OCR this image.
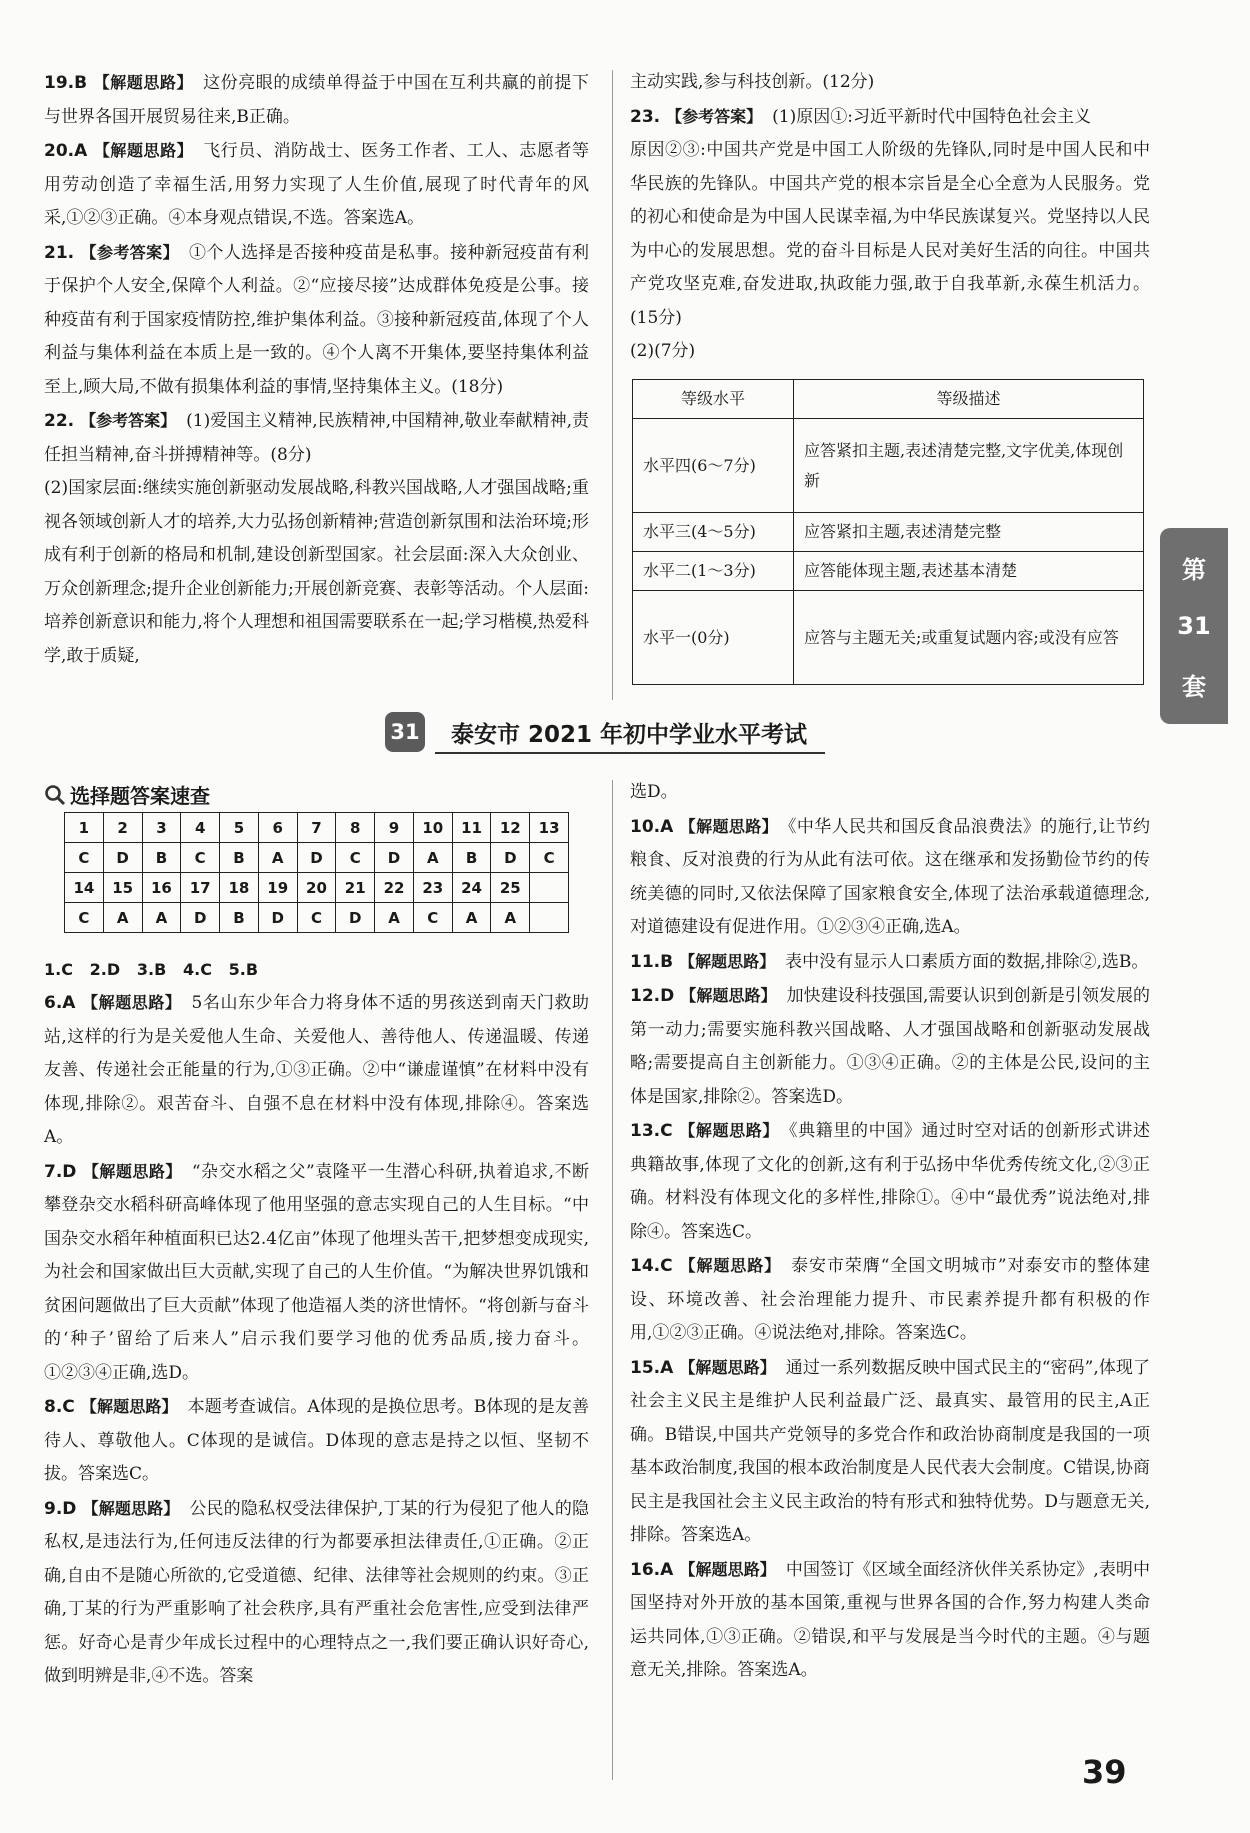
19.B 【解题思路】 这份亮眼的成绩单得益于中国在互利共赢的前提下与世界各国开展贸易往来,B正确。

20.A 【解题思路】 飞行员、消防战士、医务工作者、工人、志愿者等用劳动创造了幸福生活,用努力实现了人生价值,展现了时代青年的风采,①②③正确。④本身观点错误,不选。答案选A。

21. 【参考答案】 ①个人选择是否接种疫苗是私事。接种新冠疫苗有利于保护个人安全,保障个人利益。②“应接尽接”达成群体免疫是公事。接种疫苗有利于国家疫情防控,维护集体利益。③接种新冠疫苗,体现了个人利益与集体利益在本质上是一致的。④个人离不开集体,要坚持集体利益至上,顾大局,不做有损集体利益的事情,坚持集体主义。(18分)

22. 【参考答案】 (1)爱国主义精神,民族精神,中国精神,敬业奉献精神,责任担当精神,奋斗拼搏精神等。(8分)

(2)国家层面:继续实施创新驱动发展战略,科教兴国战略,人才强国战略;重视各领域创新人才的培养,大力弘扬创新精神;营造创新氛围和法治环境;形成有利于创新的格局和机制,建设创新型国家。社会层面:深入大众创业、万众创新理念;提升企业创新能力;开展创新竞赛、表彰等活动。个人层面:培养创新意识和能力,将个人理想和祖国需要联系在一起;学习楷模,热爱科学,敢于质疑,

主动实践,参与科技创新。(12分)

23. 【参考答案】 (1)原因①:习近平新时代中国特色社会主义

原因②③:中国共产党是中国工人阶级的先锋队,同时是中国人民和中华民族的先锋队。中国共产党的根本宗旨是全心全意为人民服务。党的初心和使命是为中国人民谋幸福,为中华民族谋复兴。党坚持以人民为中心的发展思想。党的奋斗目标是人民对美好生活的向往。中国共产党攻坚克难,奋发进取,执政能力强,敢于自我革新,永葆生机活力。(15分)

(2)(7分)

等级水平	等级描述
水平四(6～7分)	应答紧扣主题,表述清楚完整,文字优美,体现创新
水平三(4～5分)	应答紧扣主题,表述清楚完整
水平二(1～3分)	应答能体现主题,表述基本清楚
水平一(0分)	应答与主题无关;或重复试题内容;或没有应答
第
31
套
31 泰安市 2021 年初中学业水平考试
选择题答案速查
1	2	3	4	5	6	7	8	9	10	11	12	13
C	D	B	C	B	A	D	C	D	A	B	D	C
14	15	16	17	18	19	20	21	22	23	24	25	
C	A	A	D	B	D	C	D	A	C	A	A	
1.C   2.D   3.B   4.C   5.B

6.A 【解题思路】 5名山东少年合力将身体不适的男孩送到南天门救助站,这样的行为是关爱他人生命、关爱他人、善待他人、传递温暖、传递友善、传递社会正能量的行为,①③正确。②中“谦虚谨慎”在材料中没有体现,排除②。艰苦奋斗、自强不息在材料中没有体现,排除④。答案选A。

7.D 【解题思路】 “杂交水稻之父”袁隆平一生潜心科研,执着追求,不断攀登杂交水稻科研高峰体现了他用坚强的意志实现自己的人生目标。“中国杂交水稻年种植面积已达2.4亿亩”体现了他埋头苦干,把梦想变成现实,为社会和国家做出巨大贡献,实现了自己的人生价值。“为解决世界饥饿和贫困问题做出了巨大贡献”体现了他造福人类的济世情怀。“将创新与奋斗的‘种子’留给了后来人”启示我们要学习他的优秀品质,接力奋斗。①②③④正确,选D。

8.C 【解题思路】 本题考查诚信。A体现的是换位思考。B体现的是友善待人、尊敬他人。C体现的是诚信。D体现的意志是持之以恒、坚韧不拔。答案选C。

9.D 【解题思路】 公民的隐私权受法律保护,丁某的行为侵犯了他人的隐私权,是违法行为,任何违反法律的行为都要承担法律责任,①正确。②正确,自由不是随心所欲的,它受道德、纪律、法律等社会规则的约束。③正确,丁某的行为严重影响了社会秩序,具有严重社会危害性,应受到法律严惩。好奇心是青少年成长过程中的心理特点之一,我们要正确认识好奇心,做到明辨是非,④不选。答案

选D。

10.A 【解题思路】 《中华人民共和国反食品浪费法》的施行,让节约粮食、反对浪费的行为从此有法可依。这在继承和发扬勤俭节约的传统美德的同时,又依法保障了国家粮食安全,体现了法治承载道德理念,对道德建设有促进作用。①②③④正确,选A。

11.B 【解题思路】 表中没有显示人口素质方面的数据,排除②,选B。

12.D 【解题思路】 加快建设科技强国,需要认识到创新是引领发展的第一动力;需要实施科教兴国战略、人才强国战略和创新驱动发展战略;需要提高自主创新能力。①③④正确。②的主体是公民,设问的主体是国家,排除②。答案选D。

13.C 【解题思路】 《典籍里的中国》通过时空对话的创新形式讲述典籍故事,体现了文化的创新,这有利于弘扬中华优秀传统文化,②③正确。材料没有体现文化的多样性,排除①。④中“最优秀”说法绝对,排除④。答案选C。

14.C 【解题思路】 泰安市荣膺“全国文明城市”对泰安市的整体建设、环境改善、社会治理能力提升、市民素养提升都有积极的作用,①②③正确。④说法绝对,排除。答案选C。

15.A 【解题思路】 通过一系列数据反映中国式民主的“密码”,体现了社会主义民主是维护人民利益最广泛、最真实、最管用的民主,A正确。B错误,中国共产党领导的多党合作和政治协商制度是我国的一项基本政治制度,我国的根本政治制度是人民代表大会制度。C错误,协商民主是我国社会主义民主政治的特有形式和独特优势。D与题意无关,排除。答案选A。

16.A 【解题思路】 中国签订《区域全面经济伙伴关系协定》,表明中国坚持对外开放的基本国策,重视与世界各国的合作,努力构建人类命运共同体,①③正确。②错误,和平与发展是当今时代的主题。④与题意无关,排除。答案选A。

39
